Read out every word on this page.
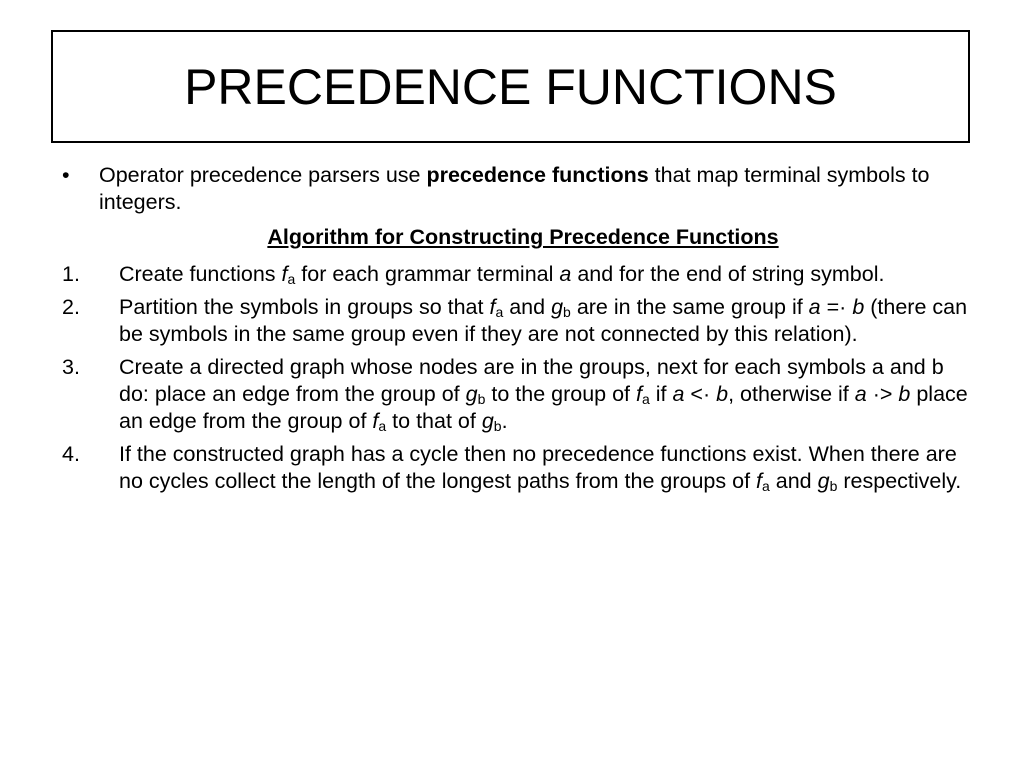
PRECEDENCE FUNCTIONS
•	Operator precedence parsers use precedence functions that map terminal symbols to integers.
Algorithm for Constructing Precedence Functions
1.	Create functions $f_a$ for each grammar terminal a and for the end of string symbol.
2.	Partition the symbols in groups so that $f_a$ and $g_b$ are in the same group if a =· b (there can be symbols in the same group even if they are not connected by this relation).
3.	Create a directed graph whose nodes are in the groups, next for each symbols a and b do: place an edge from the group of $g_b$ to the group of $f_a$ if a <· b, otherwise if a ·> b place an edge from the group of $f_a$ to that of $g_b$.
4.	If the constructed graph has a cycle then no precedence functions exist. When there are no cycles collect the length of the longest paths from the groups of $f_a$ and $g_b$ respectively.
